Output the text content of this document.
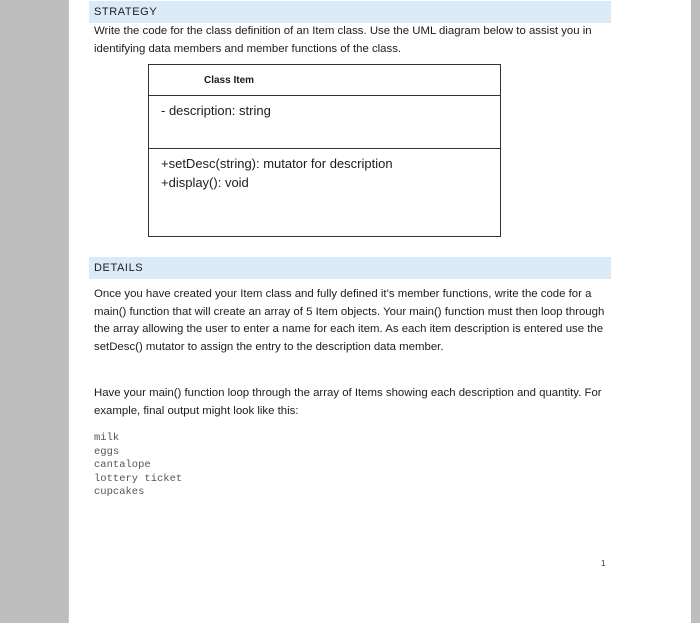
STRATEGY

Write the code for the class definition of an Item class. Use the UML diagram below to assist you in identifying data members and member functions of the class.

Class Item
- description: string
+setDesc(string): mutator for description
+display(): void
DETAILS

Once you have created your Item class and fully defined it’s member functions, write the code for a main() function that will create an array of 5 Item objects. Your main() function must then loop through the array allowing the user to enter a name for each item. As each item description is entered use the setDesc() mutator to assign the entry to the description data member.

Have your main() function loop through the array of Items showing each description and quantity. For example, final output might look like this:

milk
eggs
cantalope
lottery ticket
cupcakes
1
